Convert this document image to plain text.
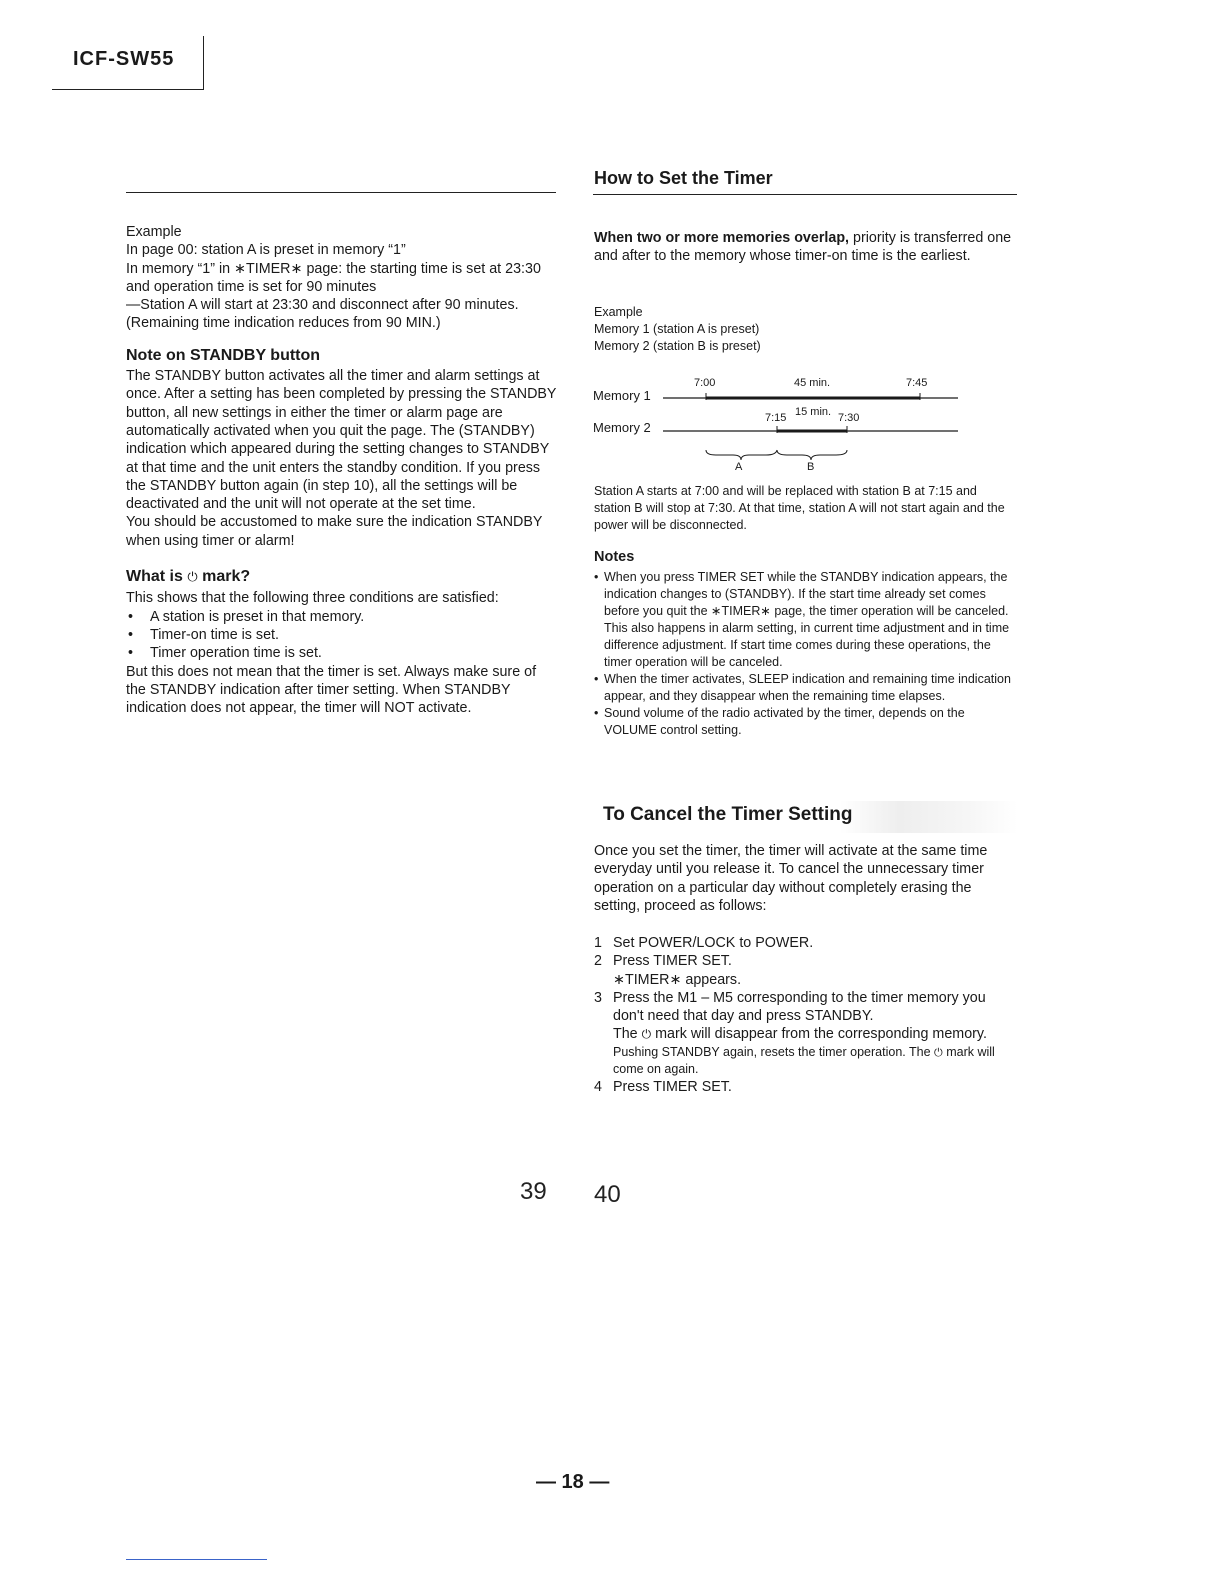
ICF-SW55
How to Set the Timer

Example

In page 00: station A is preset in memory “1”

In memory “1” in ∗TIMER∗ page: the starting time is set at 23:30 and operation time is set for 90 minutes

—Station A will start at 23:30 and disconnect after 90 minutes. (Remaining time indication reduces from 90 MIN.)

Note on STANDBY button

The STANDBY button activates all the timer and alarm settings at once. After a setting has been completed by pressing the STANDBY button, all new settings in either the timer or alarm page are automatically activated when you quit the page. The (STANDBY) indication which appeared during the setting changes to STANDBY at that time and the unit enters the standby condition. If you press the STANDBY button again (in step 10), all the settings will be deactivated and the unit will not operate at the set time.

You should be accustomed to make sure the indication STANDBY when using timer or alarm!

What is ⏻ mark?

This shows that the following three conditions are satisfied:

• A station is preset in that memory.
• Timer-on time is set.
• Timer operation time is set.

But this does not mean that the timer is set. Always make sure of the STANDBY indication after timer setting. When STANDBY indication does not appear, the timer will NOT activate.

When two or more memories overlap, priority is transferred one and after to the memory whose timer-on time is the earliest.
Example
Memory 1 (station A is preset)
Memory 2 (station B is preset)
Memory 1
Memory 2
7:00	45 min.	7:45
7:15 15 min. 7:30
A	B
Station A starts at 7:00 and will be replaced with station B at 7:15 and station B will stop at 7:30. At that time, station A will not start again and the power will be disconnected.
Notes
• When you press TIMER SET while the STANDBY indication appears, the indication changes to (STANDBY). If the start time already set comes before you quit the ∗TIMER∗ page, the timer operation will be canceled.
This also happens in alarm setting, in current time adjustment and in time difference adjustment. If start time comes during these operations, the timer operation will be canceled.
• When the timer activates, SLEEP indication and remaining time indication appear, and they disappear when the remaining time elapses.
• Sound volume of the radio activated by the timer, depends on the VOLUME control setting.
To Cancel the Timer Setting
Once you set the timer, the timer will activate at the same time everyday until you release it. To cancel the unnecessary timer operation on a particular day without completely erasing the setting, proceed as follows:
1 Set POWER/LOCK to POWER.

2 Press TIMER SET.

∗TIMER∗ appears.

3 Press the M1 – M5 corresponding to the timer memory you don't need that day and press STANDBY.

The ⏻ mark will disappear from the corresponding memory.

Pushing STANDBY again, resets the timer operation. The ⏻ mark will come on again.

4 Press TIMER SET.

39 40
— 18 —
